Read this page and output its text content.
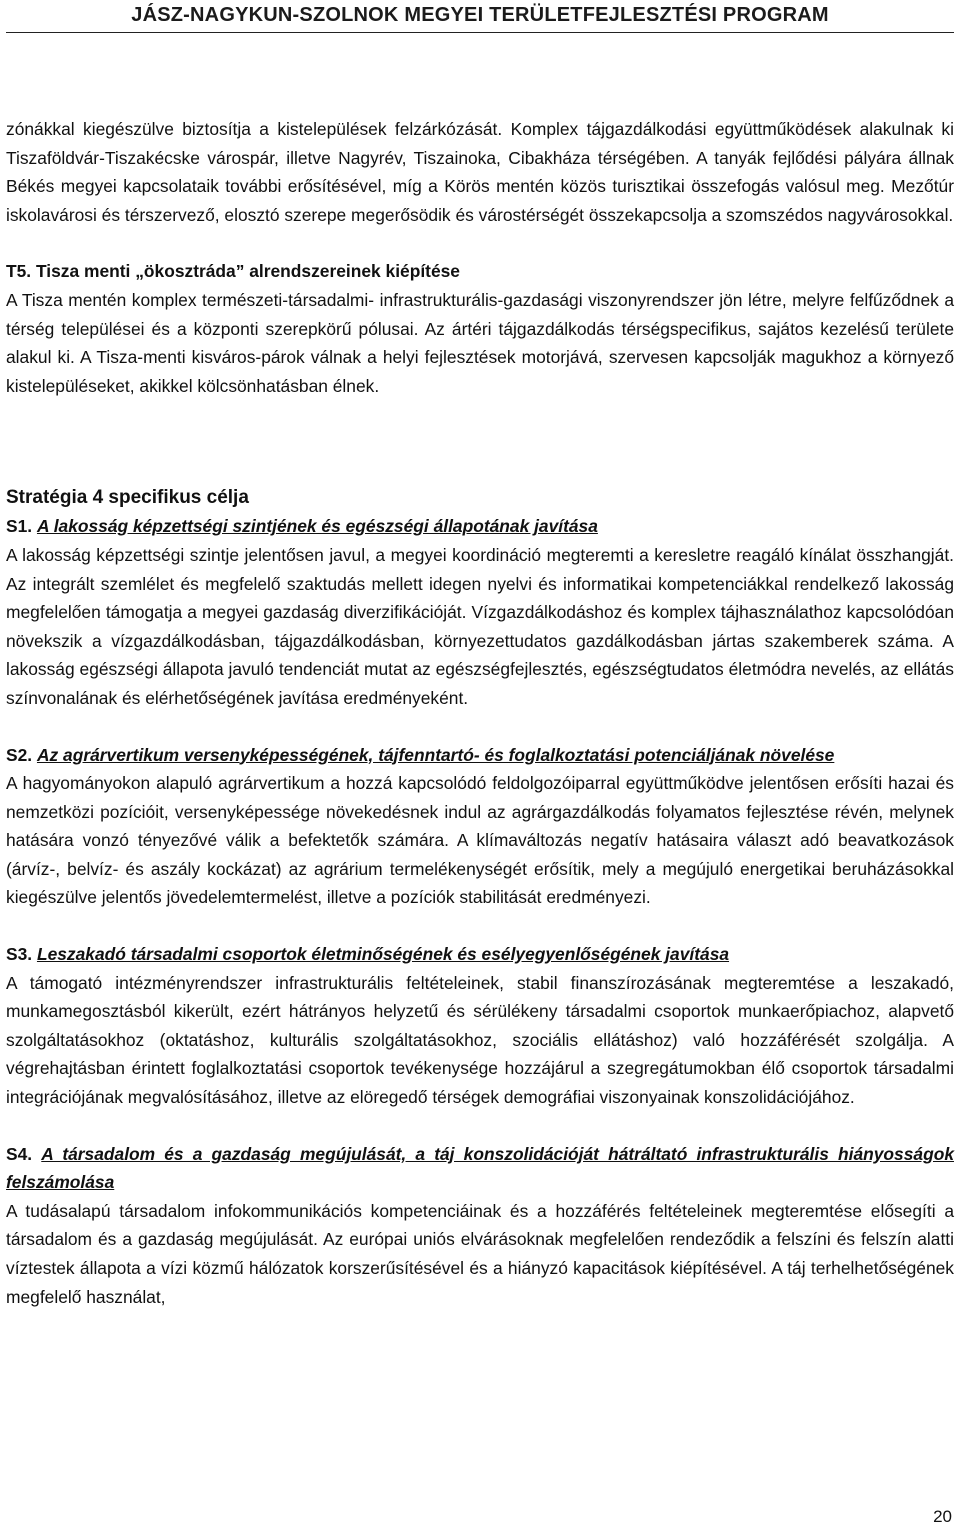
JÁSZ-NAGYKUN-SZOLNOK MEGYEI TERÜLETFEJLESZTÉSI PROGRAM

zónákkal kiegészülve biztosítja a kistelepülések felzárkózását. Komplex tájgazdálkodási együttműködések alakulnak ki Tiszaföldvár-Tiszakécske várospár, illetve Nagyrév, Tiszainoka, Cibakháza térségében. A tanyák fejlődési pályára állnak Békés megyei kapcsolataik további erősítésével, míg a Körös mentén közös turisztikai összefogás valósul meg. Mezőtúr iskolavárosi és térszervező, elosztó szerepe megerősödik és várostérségét összekapcsolja a szomszédos nagyvárosokkal.

T5. Tisza menti „ökosztráda” alrendszereinek kiépítése

A Tisza mentén komplex természeti-társadalmi- infrastrukturális-gazdasági viszonyrendszer jön létre, melyre felfűződnek a térség települései és a központi szerepkörű pólusai. Az ártéri tájgazdálkodás térségspecifikus, sajátos kezelésű területe alakul ki. A Tisza-menti kisváros-párok válnak a helyi fejlesztések motorjává, szervesen kapcsolják magukhoz a környező kistelepüléseket, akikkel kölcsönhatásban élnek.

Stratégia 4 specifikus célja

S1. A lakosság képzettségi szintjének és egészségi állapotának javítása

A lakosság képzettségi szintje jelentősen javul, a megyei koordináció megteremti a keresletre reagáló kínálat összhangját. Az integrált szemlélet és megfelelő szaktudás mellett idegen nyelvi és informatikai kompetenciákkal rendelkező lakosság megfelelően támogatja a megyei gazdaság diverzifikációját. Vízgazdálkodáshoz és komplex tájhasználathoz kapcsolódóan növekszik a vízgazdálkodásban, tájgazdálkodásban, környezettudatos gazdálkodásban jártas szakemberek száma. A lakosság egészségi állapota javuló tendenciát mutat az egészségfejlesztés, egészségtudatos életmódra nevelés, az ellátás színvonalának és elérhetőségének javítása eredményeként.

S2. Az agrárvertikum versenyképességének, tájfenntartó- és foglalkoztatási potenciáljának növelése

A hagyományokon alapuló agrárvertikum a hozzá kapcsolódó feldolgozóiparral együttműködve jelentősen erősíti hazai és nemzetközi pozícióit, versenyképessége növekedésnek indul az agrárgazdálkodás folyamatos fejlesztése révén, melynek hatására vonzó tényezővé válik a befektetők számára. A klímaváltozás negatív hatásaira választ adó beavatkozások (árvíz-, belvíz- és aszály kockázat) az agrárium termelékenységét erősítik, mely a megújuló energetikai beruházásokkal kiegészülve jelentős jövedelemtermelést, illetve a pozíciók stabilitását eredményezi.

S3. Leszakadó társadalmi csoportok életminőségének és esélyegyenlőségének javítása

A támogató intézményrendszer infrastrukturális feltételeinek, stabil finanszírozásának megteremtése a leszakadó, munkamegosztásból kikerült, ezért hátrányos helyzetű és sérülékeny társadalmi csoportok munkaerőpiachoz, alapvető szolgáltatásokhoz (oktatáshoz, kulturális szolgáltatásokhoz, szociális ellátáshoz) való hozzáférését szolgálja. A végrehajtásban érintett foglalkoztatási csoportok tevékenysége hozzájárul a szegregátumokban élő csoportok társadalmi integrációjának megvalósításához, illetve az elöregedő térségek demográfiai viszonyainak konszolidációjához.

S4. A társadalom és a gazdaság megújulását, a táj konszolidációját hátráltató infrastrukturális hiányosságok felszámolása

A tudásalapú társadalom infokommunikációs kompetenciáinak és a hozzáférés feltételeinek megteremtése elősegíti a társadalom és a gazdaság megújulását. Az európai uniós elvárásoknak megfelelően rendeződik a felszíni és felszín alatti víztestek állapota a vízi közmű hálózatok korszerűsítésével és a hiányzó kapacitások kiépítésével. A táj terhelhetőségének megfelelő használat,

20
